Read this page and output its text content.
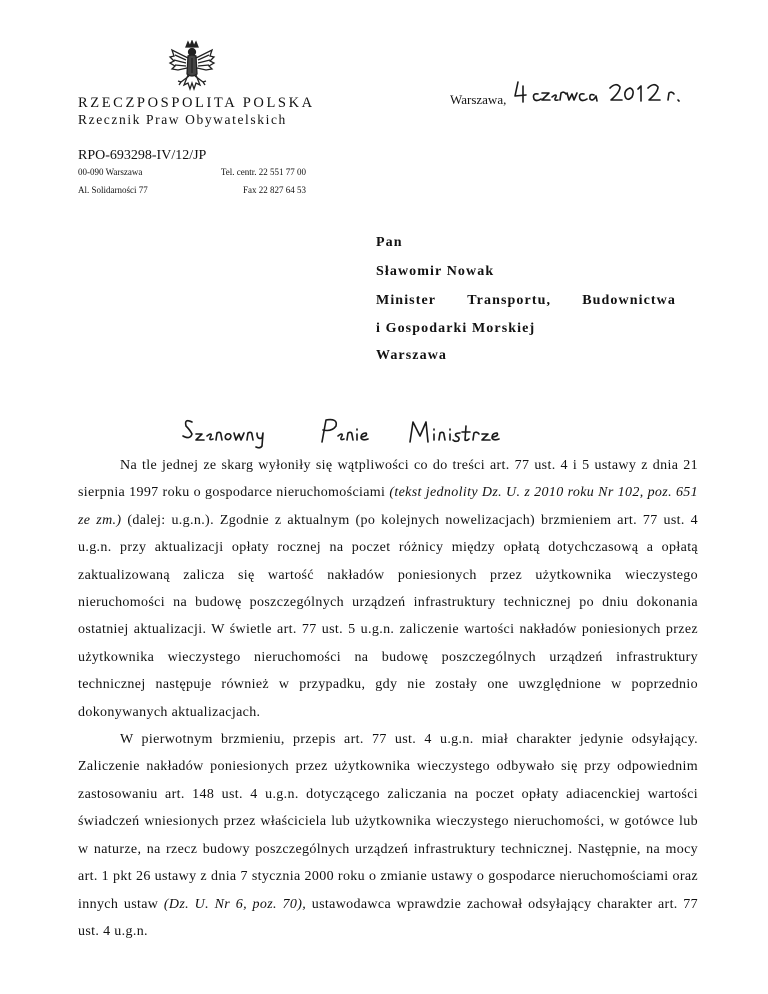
RZECZPOSPOLITA POLSKA
Rzecznik Praw Obywatelskich
RPO-693298-IV/12/JP
00-090 Warszawa
Al. Solidarności 77
Tel. centr. 22 551 77 00
Fax 22 827 64 53
Warszawa,
Pan
Sławomir Nowak
Minister Transportu, Budownictwa
i Gospodarki Morskiej
Warszawa

Na tle jednej ze skarg wyłoniły się wątpliwości co do treści art. 77 ust. 4 i 5 ustawy z dnia 21 sierpnia 1997 roku o gospodarce nieruchomościami (tekst jednolity Dz. U. z 2010 roku Nr 102, poz. 651 ze zm.) (dalej: u.g.n.). Zgodnie z aktualnym (po kolejnych nowelizacjach) brzmieniem art. 77 ust. 4 u.g.n. przy aktualizacji opłaty rocznej na poczet różnicy między opłatą dotychczasową a opłatą zaktualizowaną zalicza się wartość nakładów poniesionych przez użytkownika wieczystego nieruchomości na budowę poszczególnych urządzeń infrastruktury technicznej po dniu dokonania ostatniej aktualizacji. W świetle art. 77 ust. 5 u.g.n. zaliczenie wartości nakładów poniesionych przez użytkownika wieczystego nieruchomości na budowę poszczególnych urządzeń infrastruktury technicznej następuje również w przypadku, gdy nie zostały one uwzględnione w poprzednio dokonywanych aktualizacjach.

W pierwotnym brzmieniu, przepis art. 77 ust. 4 u.g.n. miał charakter jedynie odsyłający. Zaliczenie nakładów poniesionych przez użytkownika wieczystego odbywało się przy odpowiednim zastosowaniu art. 148 ust. 4 u.g.n. dotyczącego zaliczania na poczet opłaty adiacenckiej wartości świadczeń wniesionych przez właściciela lub użytkownika wieczystego nieruchomości, w gotówce lub w naturze, na rzecz budowy poszczególnych urządzeń infrastruktury technicznej. Następnie, na mocy art. 1 pkt 26 ustawy z dnia 7 stycznia 2000 roku o zmianie ustawy o gospodarce nieruchomościami oraz innych ustaw (Dz. U. Nr 6, poz. 70), ustawodawca wprawdzie zachował odsyłający charakter art. 77 ust. 4 u.g.n.
